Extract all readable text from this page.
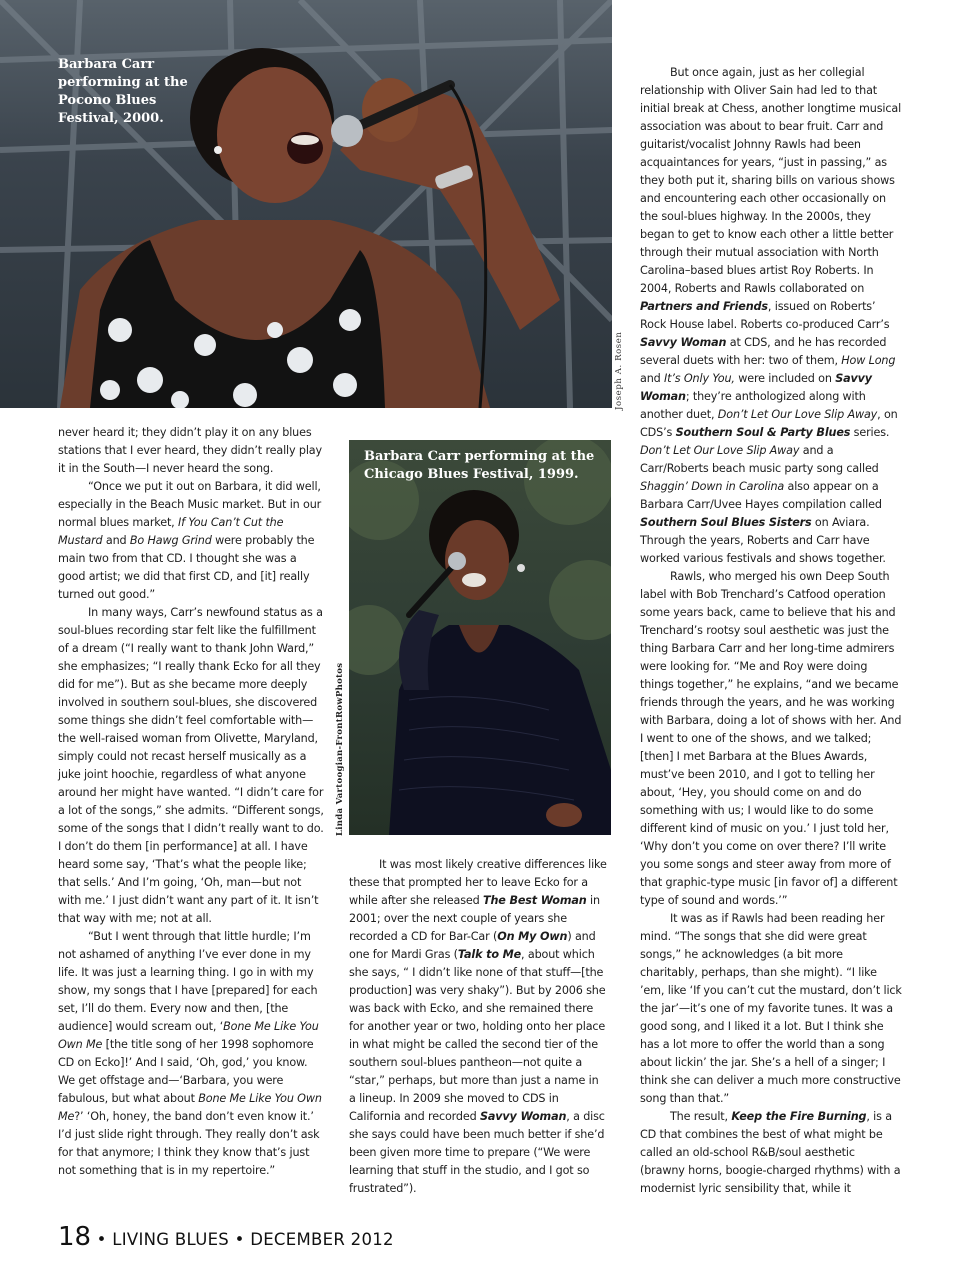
Barbara Carr performing at the Pocono Blues Festival, 2000.
Joseph A. Rosen
Barbara Carr performing at the Chicago Blues Festival, 1999.
Linda Vartoogian-FrontRowPhotos

never heard it; they didn’t play it on any blues stations that I ever heard, they didn’t really play it in the South—I never heard the song.

“Once we put it out on Barbara, it did well, especially in the Beach Music market. But in our normal blues market, If You Can’t Cut the Mustard and Bo Hawg Grind were probably the main two from that CD. I thought she was a good artist; we did that first CD, and [it] really turned out good.”

In many ways, Carr’s newfound status as a soul-blues recording star felt like the fulfillment of a dream (“I really want to thank John Ward,” she emphasizes; “I really thank Ecko for all they did for me”). But as she became more deeply involved in southern soul-blues, she discovered some things she didn’t feel comfortable with—the well-raised woman from Olivette, Maryland, simply could not recast herself musically as a juke joint hoochie, regardless of what anyone around her might have wanted. “I didn’t care for a lot of the songs,” she admits. “Different songs, some of the songs that I didn’t really want to do. I don’t do them [in performance] at all. I have heard some say, ‘That’s what the people like; that sells.’ And I’m going, ‘Oh, man—but not with me.’ I just didn’t want any part of it. It isn’t that way with me; not at all.

“But I went through that little hurdle; I’m not ashamed of anything I’ve ever done in my life. It was just a learning thing. I go in with my show, my songs that I have [prepared] for each set, I’ll do them. Every now and then, [the audience] would scream out, ‘Bone Me Like You Own Me [the title song of her 1998 sophomore CD on Ecko]!’ And I said, ‘Oh, god,’ you know. We get offstage and—‘Barbara, you were fabulous, but what about Bone Me Like You Own Me?’ ‘Oh, honey, the band don’t even know it.’ I’d just slide right through. They really don’t ask for that anymore; I think they know that’s just not something that is in my repertoire.”

It was most likely creative differences like these that prompted her to leave Ecko for a while after she released The Best Woman in 2001; over the next couple of years she recorded a CD for Bar-Car (On My Own) and one for Mardi Gras (Talk to Me, about which she says, “ I didn’t like none of that stuff—[the production] was very shaky”). But by 2006 she was back with Ecko, and she remained there for another year or two, holding onto her place in what might be called the second tier of the southern soul-blues pantheon—not quite a “star,” perhaps, but more than just a name in a lineup. In 2009 she moved to CDS in California and recorded Savvy Woman, a disc she says could have been much better if she’d been given more time to prepare (“We were learning that stuff in the studio, and I got so frustrated”).

But once again, just as her collegial relationship with Oliver Sain had led to that initial break at Chess, another longtime musical association was about to bear fruit. Carr and guitarist/vocalist Johnny Rawls had been acquaintances for years, “just in passing,” as they both put it, sharing bills on various shows and encountering each other occasionally on the soul-blues highway. In the 2000s, they began to get to know each other a little better through their mutual association with North Carolina–based blues artist Roy Roberts. In 2004, Roberts and Rawls collaborated on Partners and Friends, issued on Roberts’ Rock House label. Roberts co-produced Carr’s Savvy Woman at CDS, and he has recorded several duets with her: two of them, How Long and It’s Only You, were included on Savvy Woman; they’re anthologized along with another duet, Don’t Let Our Love Slip Away, on CDS’s Southern Soul & Party Blues series. Don’t Let Our Love Slip Away and a Carr/Roberts beach music party song called Shaggin’ Down in Carolina also appear on a Barbara Carr/Uvee Hayes compilation called Southern Soul Blues Sisters on Aviara. Through the years, Roberts and Carr have worked various festivals and shows together.

Rawls, who merged his own Deep South label with Bob Trenchard’s Catfood operation some years back, came to believe that his and Trenchard’s rootsy soul aesthetic was just the thing Barbara Carr and her long-time admirers were looking for. “Me and Roy were doing things together,” he explains, “and we became friends through the years, and he was working with Barbara, doing a lot of shows with her. And I went to one of the shows, and we talked; [then] I met Barbara at the Blues Awards, must’ve been 2010, and I got to telling her about, ‘Hey, you should come on and do something with us; I would like to do some different kind of music on you.’ I just told her, ‘Why don’t you come on over there? I’ll write you some songs and steer away from more of that graphic-type music [in favor of] a different type of sound and words.’”

It was as if Rawls had been reading her mind. “The songs that she did were great songs,” he acknowledges (a bit more charitably, perhaps, than she might). “I like ’em, like ‘If you can’t cut the mustard, don’t lick the jar’—it’s one of my favorite tunes. It was a good song, and I liked it a lot. But I think she has a lot more to offer the world than a song about lickin’ the jar. She’s a hell of a singer; I think she can deliver a much more constructive song than that.”

The result, Keep the Fire Burning, is a CD that combines the best of what might be called an old-school R&B/soul aesthetic (brawny horns, boogie-charged rhythms) with a modernist lyric sensibility that, while it

18 • LIVING BLUES • DECEMBER 2012
